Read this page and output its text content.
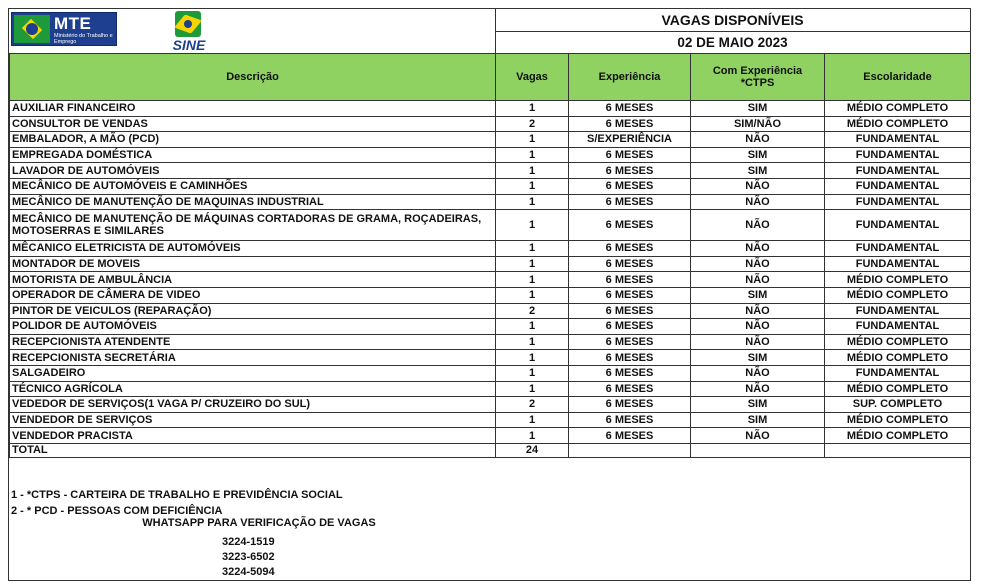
MTE
Ministério do Trabalho e Emprego	SINE
VAGAS DISPONÍVEIS
02 DE MAIO 2023
Descrição	Vagas	Experiência	Com Experiência *CTPS	Escolaridade
AUXILIAR FINANCEIRO	1	6 MESES	SIM	MÉDIO COMPLETO
CONSULTOR DE VENDAS	2	6 MESES	SIM/NÃO	MÉDIO COMPLETO
EMBALADOR, A MÃO (PCD)	1	S/EXPERIÊNCIA	NÃO	FUNDAMENTAL
EMPREGADA DOMÉSTICA	1	6 MESES	SIM	FUNDAMENTAL
LAVADOR DE AUTOMÓVEIS	1	6 MESES	SIM	FUNDAMENTAL
MECÂNICO DE AUTOMÓVEIS E CAMINHÕES	1	6 MESES	NÃO	FUNDAMENTAL
MECÂNICO DE MANUTENÇÃO DE MAQUINAS INDUSTRIAL	1	6 MESES	NÃO	FUNDAMENTAL
MECÂNICO DE MANUTENÇÃO DE MÁQUINAS CORTADORAS DE GRAMA, ROÇADEIRAS, MOTOSERRAS E SIMILARES	1	6 MESES	NÃO	FUNDAMENTAL
MÊCANICO ELETRICISTA DE AUTOMÓVEIS	1	6 MESES	NÃO	FUNDAMENTAL
MONTADOR DE MOVEIS	1	6 MESES	NÃO	FUNDAMENTAL
MOTORISTA DE AMBULÂNCIA	1	6 MESES	NÃO	MÉDIO COMPLETO
OPERADOR DE CÂMERA DE VIDEO	1	6 MESES	SIM	MÉDIO COMPLETO
PINTOR DE VEICULOS (REPARAÇÃO)	2	6 MESES	NÃO	FUNDAMENTAL
POLIDOR DE AUTOMÓVEIS	1	6 MESES	NÃO	FUNDAMENTAL
RECEPCIONISTA ATENDENTE	1	6 MESES	NÃO	MÉDIO COMPLETO
RECEPCIONISTA SECRETÁRIA	1	6 MESES	SIM	MÉDIO COMPLETO
SALGADEIRO	1	6 MESES	NÃO	FUNDAMENTAL
TÉCNICO AGRÍCOLA	1	6 MESES	NÃO	MÉDIO COMPLETO
VEDEDOR DE SERVIÇOS(1 VAGA P/ CRUZEIRO DO SUL)	2	6 MESES	SIM	SUP. COMPLETO
VENDEDOR DE SERVIÇOS	1	6 MESES	SIM	MÉDIO COMPLETO
VENDEDOR PRACISTA	1	6 MESES	NÃO	MÉDIO COMPLETO
TOTAL	24			
1 - *CTPS - CARTEIRA DE TRABALHO E PREVIDÊNCIA SOCIAL
2 - * PCD - PESSOAS COM DEFICIÊNCIA
WHATSAPP PARA VERIFICAÇÃO DE VAGAS
3224-1519
3223-6502
3224-5094
